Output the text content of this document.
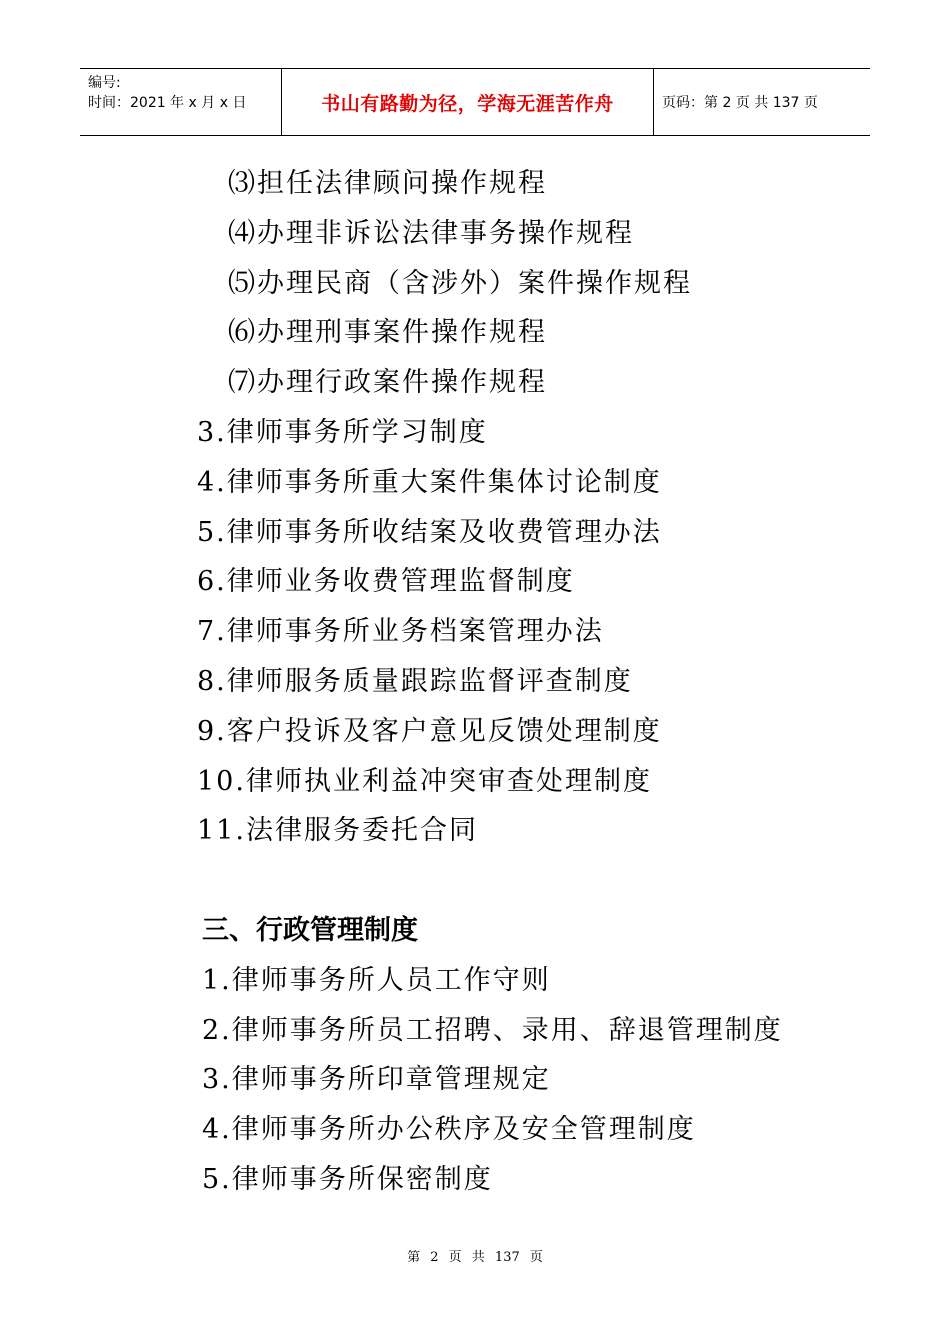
编号:
时间：2021 年 x 月 x 日	书山有路勤为径，学海无涯苦作舟	页码：第 2 页 共 137 页
⑶担任法律顾问操作规程
⑷办理非诉讼法律事务操作规程
⑸办理民商（含涉外）案件操作规程
⑹办理刑事案件操作规程
⑺办理行政案件操作规程
3.律师事务所学习制度
4.律师事务所重大案件集体讨论制度
5.律师事务所收结案及收费管理办法
6.律师业务收费管理监督制度
7.律师事务所业务档案管理办法
8.律师服务质量跟踪监督评查制度
9.客户投诉及客户意见反馈处理制度
10.律师执业利益冲突审查处理制度
11.法律服务委托合同
三、行政管理制度
1.律师事务所人员工作守则
2.律师事务所员工招聘、录用、辞退管理制度
3.律师事务所印章管理规定
4.律师事务所办公秩序及安全管理制度
5.律师事务所保密制度
第 2 页 共 137 页
